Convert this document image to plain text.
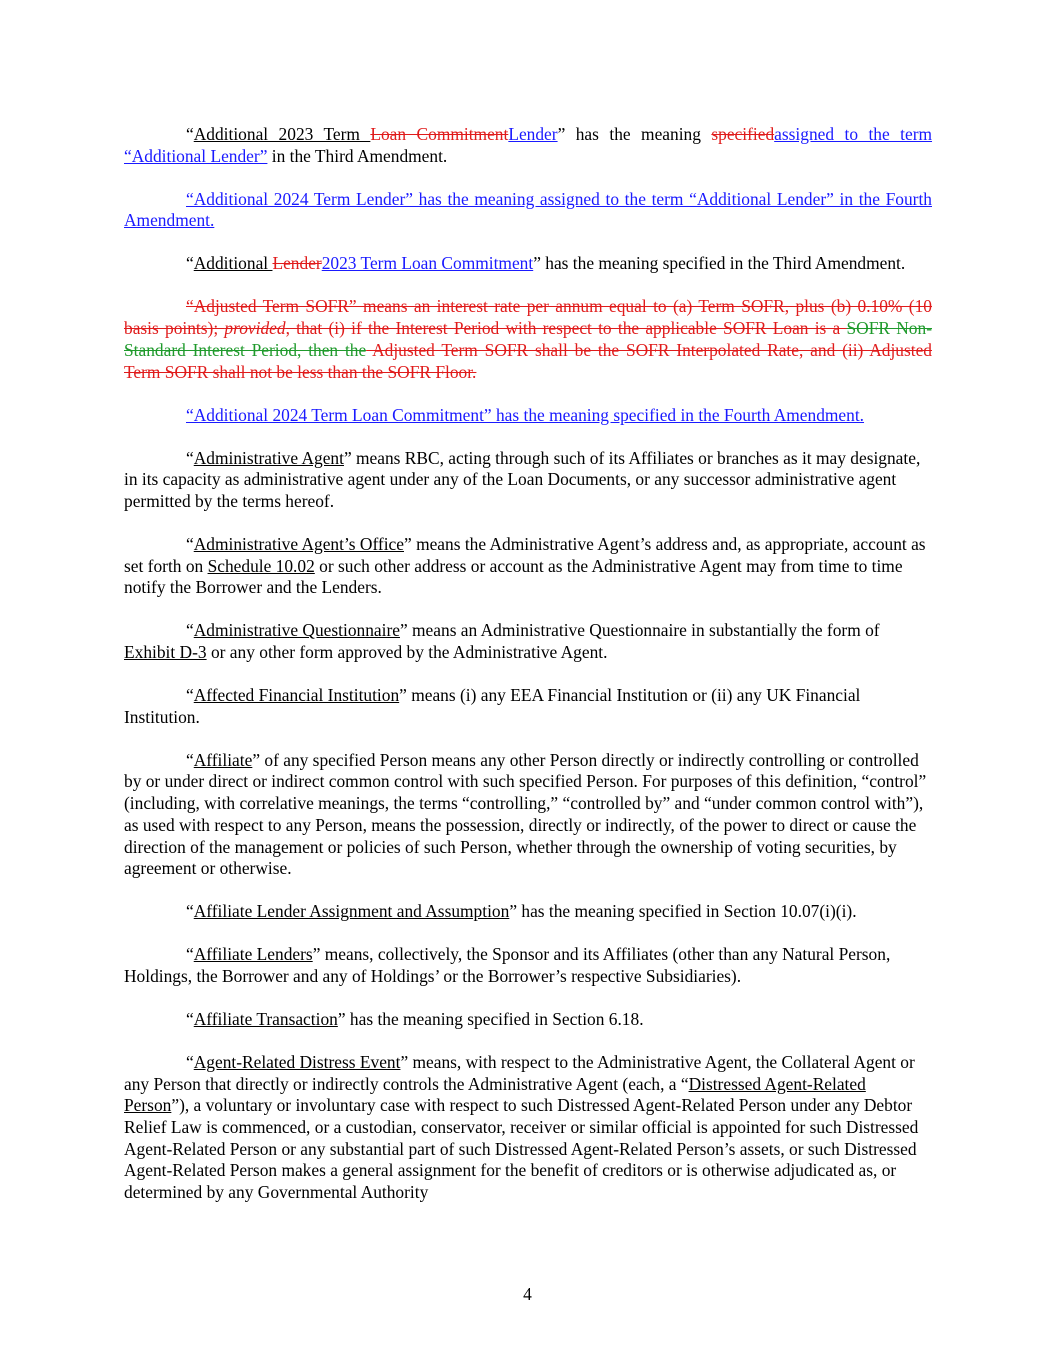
“Additional 2023 Term Loan CommitmentLender” has the meaning specifiedassigned to the term “Additional Lender” in the Third Amendment.

“Additional 2024 Term Lender” has the meaning assigned to the term “Additional Lender” in the Fourth Amendment.

“Additional Lender2023 Term Loan Commitment” has the meaning specified in the Third Amendment.

“Adjusted Term SOFR” means an interest rate per annum equal to (a) Term SOFR, plus (b) 0.10% (10 basis points); provided, that (i) if the Interest Period with respect to the applicable SOFR Loan is a SOFR Non-Standard Interest Period, then the Adjusted Term SOFR shall be the SOFR Interpolated Rate, and (ii) Adjusted Term SOFR shall not be less than the SOFR Floor.

“Additional 2024 Term Loan Commitment” has the meaning specified in the Fourth Amendment.

“Administrative Agent” means RBC, acting through such of its Affiliates or branches as it may designate, in its capacity as administrative agent under any of the Loan Documents, or any successor administrative agent permitted by the terms hereof.

“Administrative Agent’s Office” means the Administrative Agent’s address and, as appropriate, account as set forth on Schedule 10.02 or such other address or account as the Administrative Agent may from time to time notify the Borrower and the Lenders.

“Administrative Questionnaire” means an Administrative Questionnaire in substantially the form of Exhibit D-3 or any other form approved by the Administrative Agent.

“Affected Financial Institution” means (i) any EEA Financial Institution or (ii) any UK Financial Institution.

“Affiliate” of any specified Person means any other Person directly or indirectly controlling or controlled by or under direct or indirect common control with such specified Person. For purposes of this definition, “control” (including, with correlative meanings, the terms “controlling,” “controlled by” and “under common control with”), as used with respect to any Person, means the possession, directly or indirectly, of the power to direct or cause the direction of the management or policies of such Person, whether through the ownership of voting securities, by agreement or otherwise.

“Affiliate Lender Assignment and Assumption” has the meaning specified in Section 10.07(i)(i).

“Affiliate Lenders” means, collectively, the Sponsor and its Affiliates (other than any Natural Person, Holdings, the Borrower and any of Holdings’ or the Borrower’s respective Subsidiaries).

“Affiliate Transaction” has the meaning specified in Section 6.18.

“Agent-Related Distress Event” means, with respect to the Administrative Agent, the Collateral Agent or any Person that directly or indirectly controls the Administrative Agent (each, a “Distressed Agent-Related Person”), a voluntary or involuntary case with respect to such Distressed Agent-Related Person under any Debtor Relief Law is commenced, or a custodian, conservator, receiver or similar official is appointed for such Distressed Agent-Related Person or any substantial part of such Distressed Agent-Related Person’s assets, or such Distressed Agent-Related Person makes a general assignment for the benefit of creditors or is otherwise adjudicated as, or determined by any Governmental Authority

4
